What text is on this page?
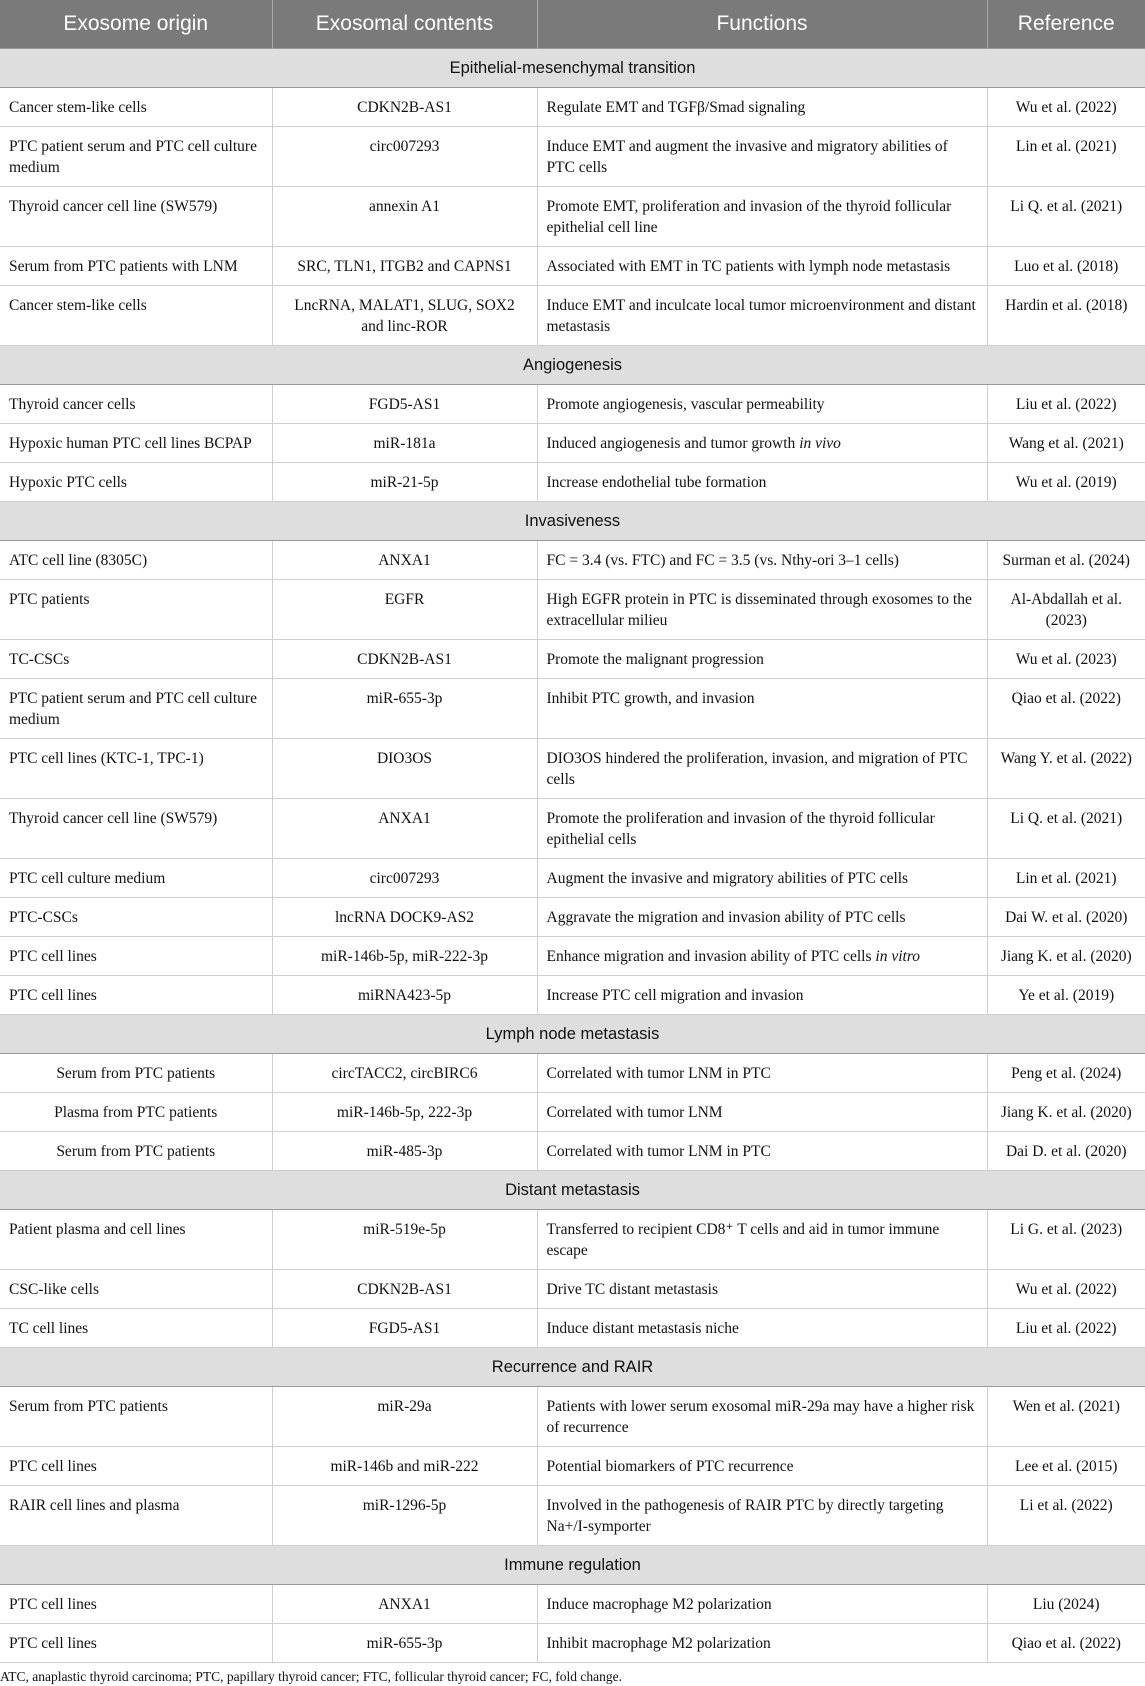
Exosome origin	Exosomal contents	Functions	Reference
Epithelial-mesenchymal transition			
Cancer stem-like cells	CDKN2B-AS1	Regulate EMT and TGFβ/Smad signaling	Wu et al. (2022)
PTC patient serum and PTC cell culture medium	circ007293	Induce EMT and augment the invasive and migratory abilities of PTC cells	Lin et al. (2021)
Thyroid cancer cell line (SW579)	annexin A1	Promote EMT, proliferation and invasion of the thyroid follicular epithelial cell line	Li Q. et al. (2021)
Serum from PTC patients with LNM	SRC, TLN1, ITGB2 and CAPNS1	Associated with EMT in TC patients with lymph node metastasis	Luo et al. (2018)
Cancer stem-like cells	LncRNA, MALAT1, SLUG, SOX2 and linc-ROR	Induce EMT and inculcate local tumor microenvironment and distant metastasis	Hardin et al. (2018)
Angiogenesis			
Thyroid cancer cells	FGD5-AS1	Promote angiogenesis, vascular permeability	Liu et al. (2022)
Hypoxic human PTC cell lines BCPAP	miR-181a	Induced angiogenesis and tumor growth in vivo	Wang et al. (2021)
Hypoxic PTC cells	miR-21-5p	Increase endothelial tube formation	Wu et al. (2019)
Invasiveness			
ATC cell line (8305C)	ANXA1	FC = 3.4 (vs. FTC) and FC = 3.5 (vs. Nthy-ori 3–1 cells)	Surman et al. (2024)
PTC patients	EGFR	High EGFR protein in PTC is disseminated through exosomes to the extracellular milieu	Al-Abdallah et al. (2023)
TC-CSCs	CDKN2B-AS1	Promote the malignant progression	Wu et al. (2023)
PTC patient serum and PTC cell culture medium	miR-655-3p	Inhibit PTC growth, and invasion	Qiao et al. (2022)
PTC cell lines (KTC-1, TPC-1)	DIO3OS	DIO3OS hindered the proliferation, invasion, and migration of PTC cells	Wang Y. et al. (2022)
Thyroid cancer cell line (SW579)	ANXA1	Promote the proliferation and invasion of the thyroid follicular epithelial cells	Li Q. et al. (2021)
PTC cell culture medium	circ007293	Augment the invasive and migratory abilities of PTC cells	Lin et al. (2021)
PTC-CSCs	lncRNA DOCK9-AS2	Aggravate the migration and invasion ability of PTC cells	Dai W. et al. (2020)
PTC cell lines	miR-146b-5p, miR-222-3p	Enhance migration and invasion ability of PTC cells in vitro	Jiang K. et al. (2020)
PTC cell lines	miRNA423-5p	Increase PTC cell migration and invasion	Ye et al. (2019)
Lymph node metastasis			
Serum from PTC patients	circTACC2, circBIRC6	Correlated with tumor LNM in PTC	Peng et al. (2024)
Plasma from PTC patients	miR-146b-5p, 222-3p	Correlated with tumor LNM	Jiang K. et al. (2020)
Serum from PTC patients	miR-485-3p	Correlated with tumor LNM in PTC	Dai D. et al. (2020)
Distant metastasis			
Patient plasma and cell lines	miR-519e-5p	Transferred to recipient CD8⁺ T cells and aid in tumor immune escape	Li G. et al. (2023)
CSC-like cells	CDKN2B-AS1	Drive TC distant metastasis	Wu et al. (2022)
TC cell lines	FGD5-AS1	Induce distant metastasis niche	Liu et al. (2022)
Recurrence and RAIR			
Serum from PTC patients	miR-29a	Patients with lower serum exosomal miR-29a may have a higher risk of recurrence	Wen et al. (2021)
PTC cell lines	miR-146b and miR-222	Potential biomarkers of PTC recurrence	Lee et al. (2015)
RAIR cell lines and plasma	miR-1296-5p	Involved in the pathogenesis of RAIR PTC by directly targeting Na+/I-symporter	Li et al. (2022)
Immune regulation			
PTC cell lines	ANXA1	Induce macrophage M2 polarization	Liu (2024)
PTC cell lines	miR-655-3p	Inhibit macrophage M2 polarization	Qiao et al. (2022)
ATC, anaplastic thyroid carcinoma; PTC, papillary thyroid cancer; FTC, follicular thyroid cancer; FC, fold change.
